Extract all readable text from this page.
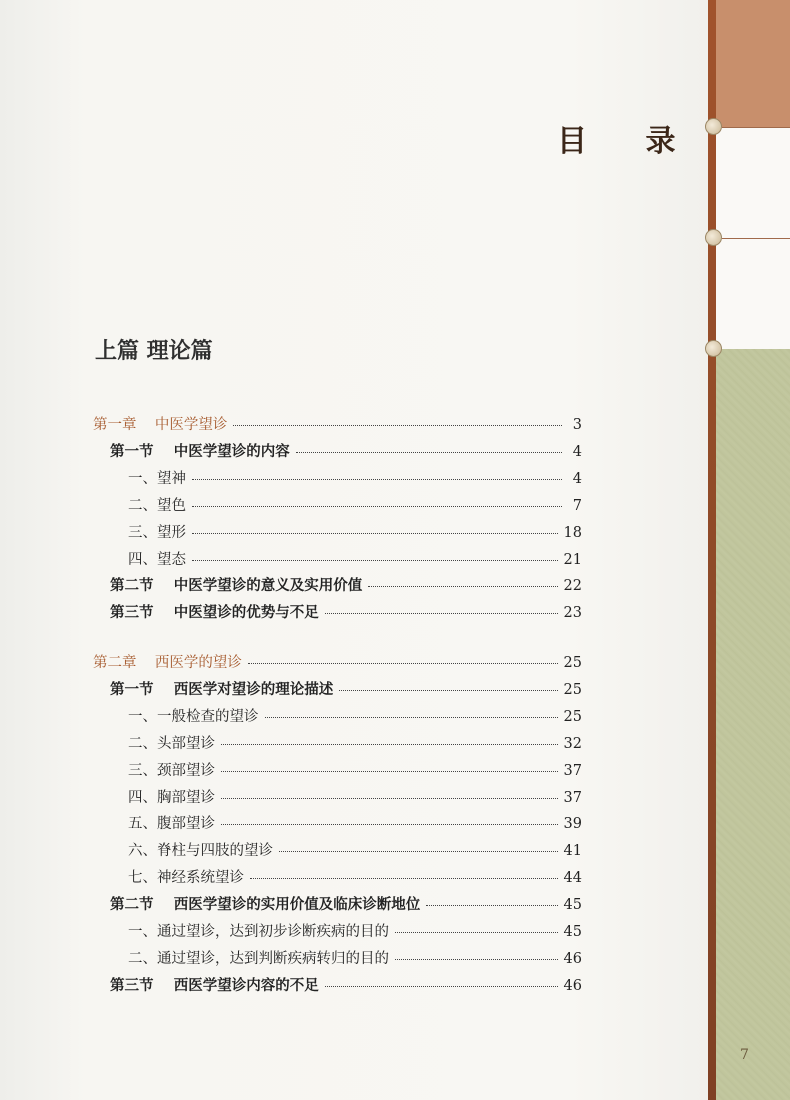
目 录
上篇 理论篇
第一章    中医学望诊	3
第一节    中医学望诊的内容	4
一、望神	4
二、望色	7
三、望形	18
四、望态	21
第二节    中医学望诊的意义及实用价值	22
第三节    中医望诊的优势与不足	23
第二章    西医学的望诊	25
第一节    西医学对望诊的理论描述	25
一、一般检查的望诊	25
二、头部望诊	32
三、颈部望诊	37
四、胸部望诊	37
五、腹部望诊	39
六、脊柱与四肢的望诊	41
七、神经系统望诊	44
第二节    西医学望诊的实用价值及临床诊断地位	45
一、通过望诊，达到初步诊断疾病的目的	45
二、通过望诊，达到判断疾病转归的目的	46
第三节    西医学望诊内容的不足	46
7
